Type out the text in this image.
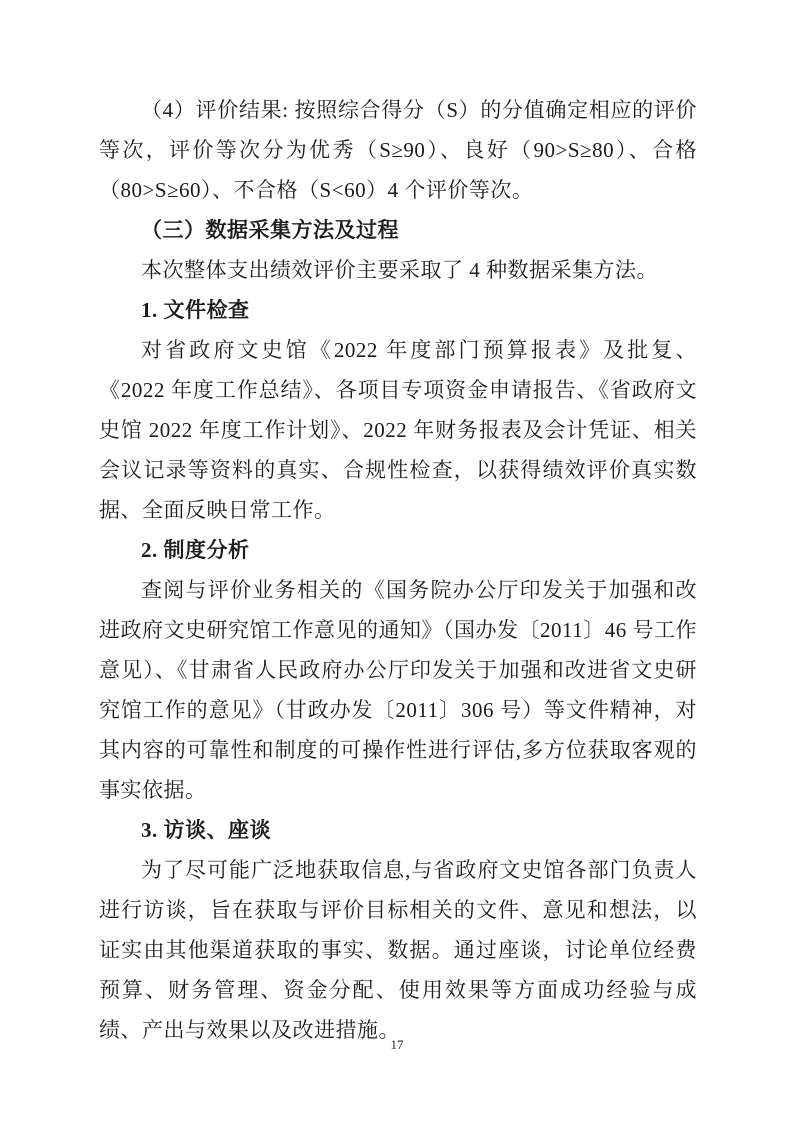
（4）评价结果: 按照综合得分（S）的分值确定相应的评价等次，评价等次分为优秀（S≥90）、良好（90>S≥80）、合格（80>S≥60）、不合格（S<60）4 个评价等次。

（三）数据采集方法及过程

本次整体支出绩效评价主要采取了 4 种数据采集方法。

1. 文件检查

对省政府文史馆《2022 年度部门预算报表》及批复、《2022 年度工作总结》、各项目专项资金申请报告、《省政府文史馆 2022 年度工作计划》、2022 年财务报表及会计凭证、相关会议记录等资料的真实、合规性检查，以获得绩效评价真实数据、全面反映日常工作。

2. 制度分析

查阅与评价业务相关的《国务院办公厅印发关于加强和改进政府文史研究馆工作意见的通知》（国办发〔2011〕46 号工作意见）、《甘肃省人民政府办公厅印发关于加强和改进省文史研究馆工作的意见》（甘政办发〔2011〕306 号）等文件精神，对其内容的可靠性和制度的可操作性进行评估,多方位获取客观的事实依据。

3. 访谈、座谈

为了尽可能广泛地获取信息,与省政府文史馆各部门负责人进行访谈，旨在获取与评价目标相关的文件、意见和想法，以证实由其他渠道获取的事实、数据。通过座谈，讨论单位经费预算、财务管理、资金分配、使用效果等方面成功经验与成绩、产出与效果以及改进措施。

17
